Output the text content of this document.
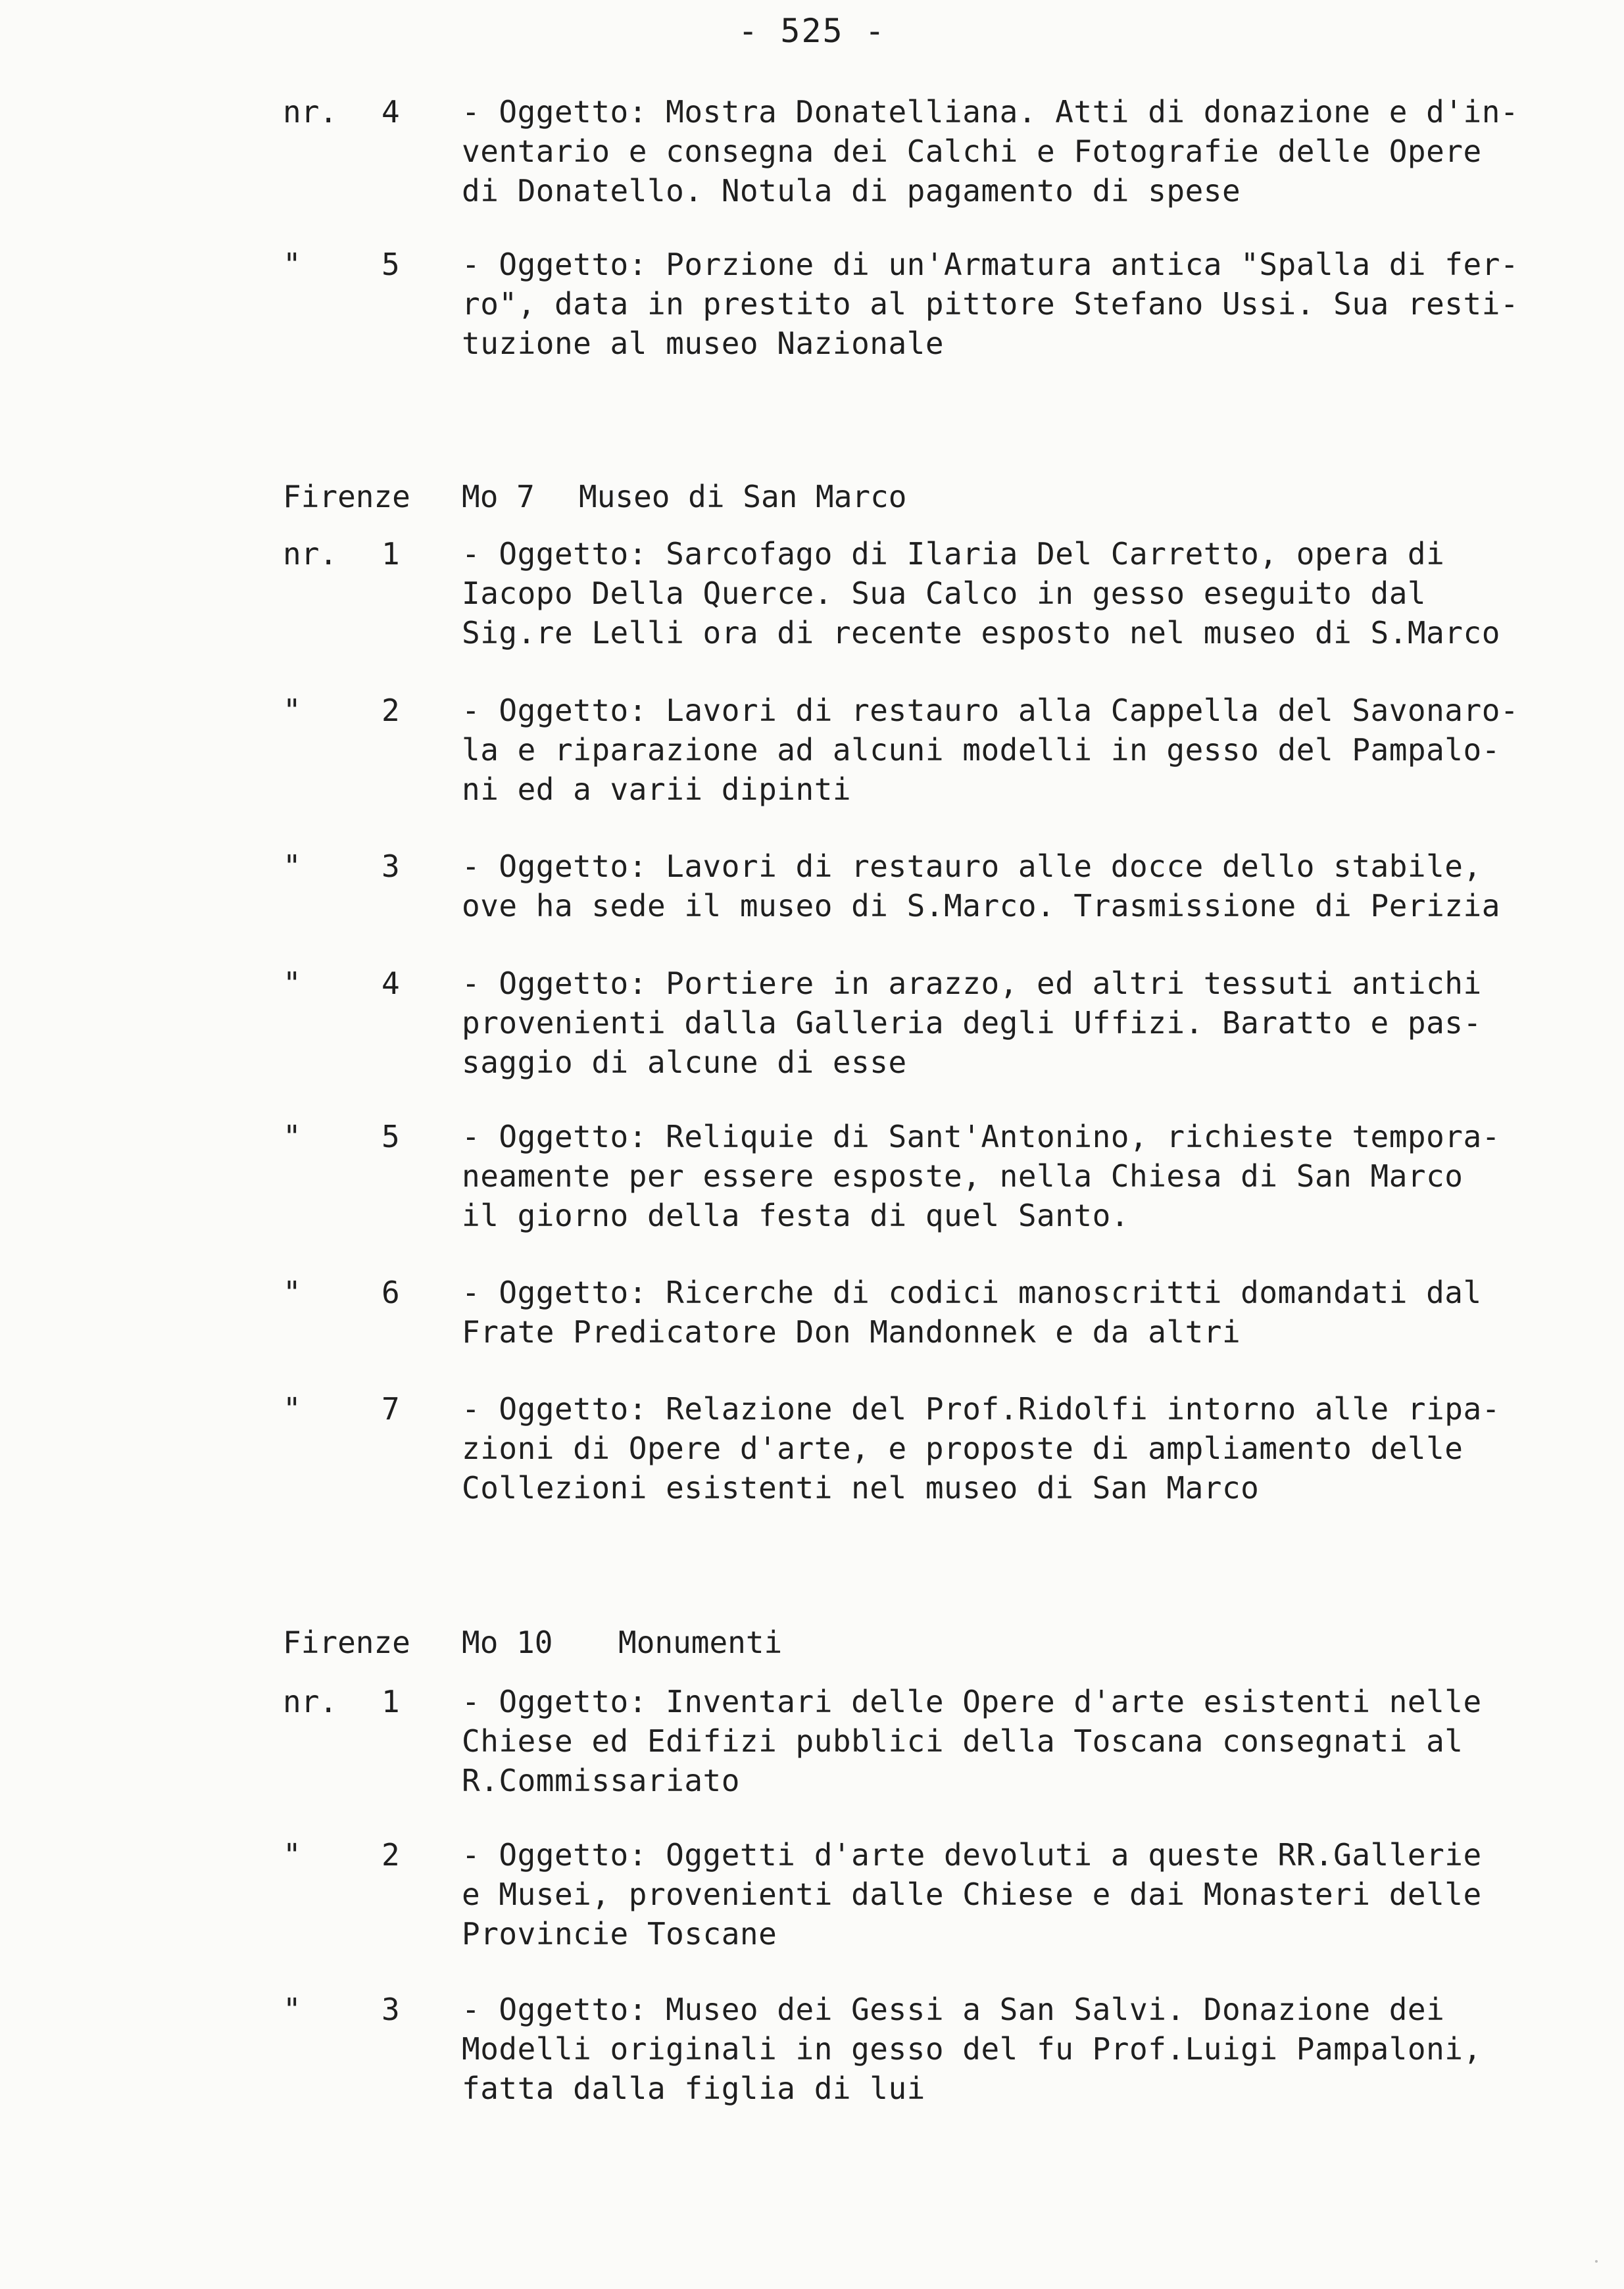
- 525 -
nr.	4	- Oggetto: Mostra Donatelliana. Atti di donazione e d'in-
ventario e consegna dei Calchi e Fotografie delle Opere
di Donatello. Notula di pagamento di spese
"	5	- Oggetto: Porzione di un'Armatura antica "Spalla di fer-
ro", data in prestito al pittore Stefano Ussi. Sua resti-
tuzione al museo Nazionale
Firenze Mo 7 Museo di San Marco
nr.	1	- Oggetto: Sarcofago di Ilaria Del Carretto, opera di
Iacopo Della Querce. Sua Calco in gesso eseguito dal
Sig.re Lelli ora di recente esposto nel museo di S.Marco
"	2	- Oggetto: Lavori di restauro alla Cappella del Savonaro-
la e riparazione ad alcuni modelli in gesso del Pampalo-
ni ed a varii dipinti
"	3	- Oggetto: Lavori di restauro alle docce dello stabile,
ove ha sede il museo di S.Marco. Trasmissione di Perizia
"	4	- Oggetto: Portiere in arazzo, ed altri tessuti antichi
provenienti dalla Galleria degli Uffizi. Baratto e pas-
saggio di alcune di esse
"	5	- Oggetto: Reliquie di Sant'Antonino, richieste tempora-
neamente per essere esposte, nella Chiesa di San Marco
il giorno della festa di quel Santo.
"	6	- Oggetto: Ricerche di codici manoscritti domandati dal
Frate Predicatore Don Mandonnek e da altri
"	7	- Oggetto: Relazione del Prof.Ridolfi intorno alle ripa-
zioni di Opere d'arte, e proposte di ampliamento delle
Collezioni esistenti nel museo di San Marco
Firenze Mo 10 Monumenti
nr.	1	- Oggetto: Inventari delle Opere d'arte esistenti nelle
Chiese ed Edifizi pubblici della Toscana consegnati al
R.Commissariato
"	2	- Oggetto: Oggetti d'arte devoluti a queste RR.Gallerie
e Musei, provenienti dalle Chiese e dai Monasteri delle
Provincie Toscane
"	3	- Oggetto: Museo dei Gessi a San Salvi. Donazione dei
Modelli originali in gesso del fu Prof.Luigi Pampaloni,
fatta dalla figlia di lui
